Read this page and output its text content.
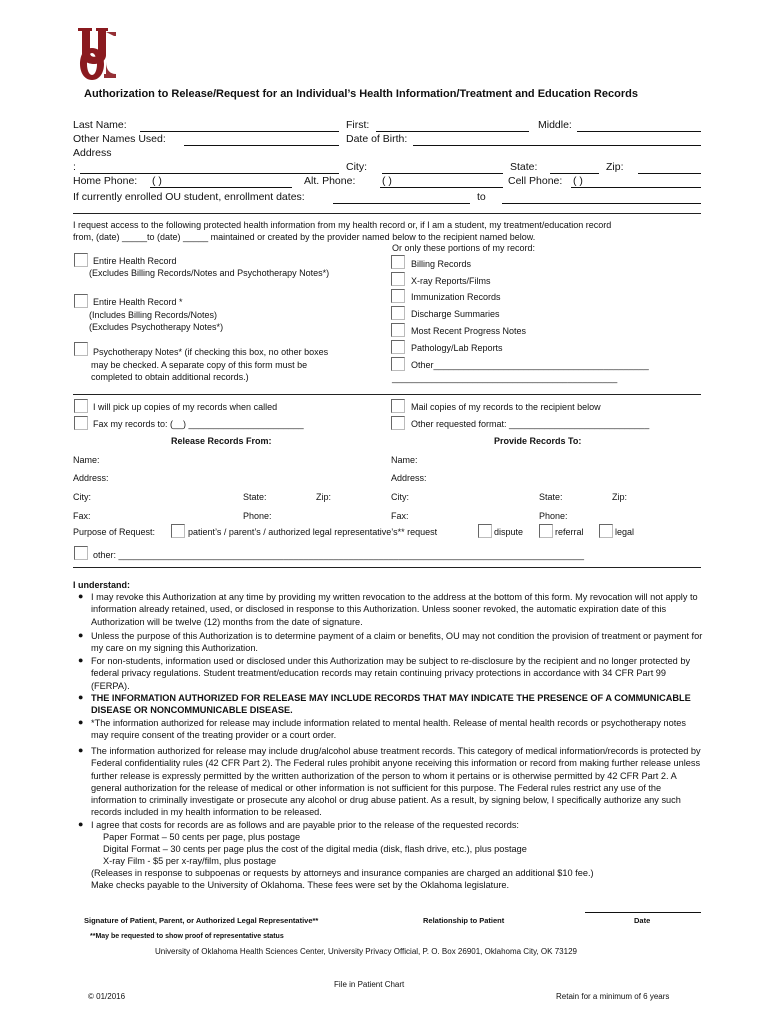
Authorization to Release/Request for an Individual’s Health Information/Treatment and Education Records
Last Name:	First:	Middle:
Other Names Used:	Date of Birth:
Address
:	City:	State:	Zip:
Home Phone: ( )	Alt. Phone:	( )	Cell Phone: ( )
If currently enrolled OU student, enrollment dates:	to
I request access to the following protected health information from my health record or, if I am a student, my treatment/education record
from, (date) _____to (date) _____ maintained or created by the provider named below to the recipient named below.
Or only these portions of my record:
Entire Health Record
(Excludes Billing Records/Notes and Psychotherapy Notes*)
Entire Health Record *
(Includes Billing Records/Notes)
(Excludes Psychotherapy Notes*)
Psychotherapy Notes* (if checking this box, no other boxes
may be checked. A separate copy of this form must be
completed to obtain additional records.)
Billing Records
X-ray Reports/Films
Immunization Records
Discharge Summaries
Most Recent Progress Notes
Pathology/Lab Reports
Other___________________________________________
_____________________________________________
I will pick up copies of my records when called
Fax my records to: (__) _______________________
Mail copies of my records to the recipient below
Other requested format: ____________________________
Release Records From:	Provide Records To:
Name:	Name:
Address:	Address:
City:	State:	Zip:	City:	State:	Zip:
Fax:	Phone:	Fax:	Phone:
Purpose of Request:	patient’s / parent’s / authorized legal representative’s** request	dispute	referral	legal
other: _____________________________________________________________________________________________
I understand:
● I may revoke this Authorization at any time by providing my written revocation to the address at the bottom of this form. My revocation will not apply to information already retained, used, or disclosed in response to this Authorization. Unless sooner revoked, the automatic expiration date of this Authorization will be twelve (12) months from the date of signature.
● Unless the purpose of this Authorization is to determine payment of a claim or benefits, OU may not condition the provision of treatment or payment for my care on my signing this Authorization.
● For non-students, information used or disclosed under this Authorization may be subject to re-disclosure by the recipient and no longer protected by federal privacy regulations. Student treatment/education records may retain continuing privacy protections in accordance with 34 CFR Part 99 (FERPA).
● THE INFORMATION AUTHORIZED FOR RELEASE MAY INCLUDE RECORDS THAT MAY INDICATE THE PRESENCE OF A COMMUNICABLE DISEASE OR NONCOMMUNICABLE DISEASE.
● *The information authorized for release may include information related to mental health. Release of mental health records or psychotherapy notes may require consent of the treating provider or a court order.
● The information authorized for release may include drug/alcohol abuse treatment records. This category of medical information/records is protected by Federal confidentiality rules (42 CFR Part 2). The Federal rules prohibit anyone receiving this information or record from making further release unless further release is expressly permitted by the written authorization of the person to whom it pertains or is otherwise permitted by 42 CFR Part 2. A general authorization for the release of medical or other information is not sufficient for this purpose. The Federal rules restrict any use of the information to criminally investigate or prosecute any alcohol or drug abuse patient. As a result, by signing below, I specifically authorize any such records included in my health information to be released.
● I agree that costs for records are as follows and are payable prior to the release of the requested records:
Paper Format – 50 cents per page, plus postage
Digital Format – 30 cents per page plus the cost of the digital media (disk, flash drive, etc.), plus postage
X-ray Film - $5 per x-ray/film, plus postage
(Releases in response to subpoenas or requests by attorneys and insurance companies are charged an additional $10 fee.)
Make checks payable to the University of Oklahoma. These fees were set by the Oklahoma legislature.
Signature of Patient, Parent, or Authorized Legal Representative**	Relationship to Patient	Date
**May be requested to show proof of representative status
University of Oklahoma Health Sciences Center, University Privacy Official, P. O. Box 26901, Oklahoma City, OK 73129
File in Patient Chart
© 01/2016	Retain for a minimum of 6 years
